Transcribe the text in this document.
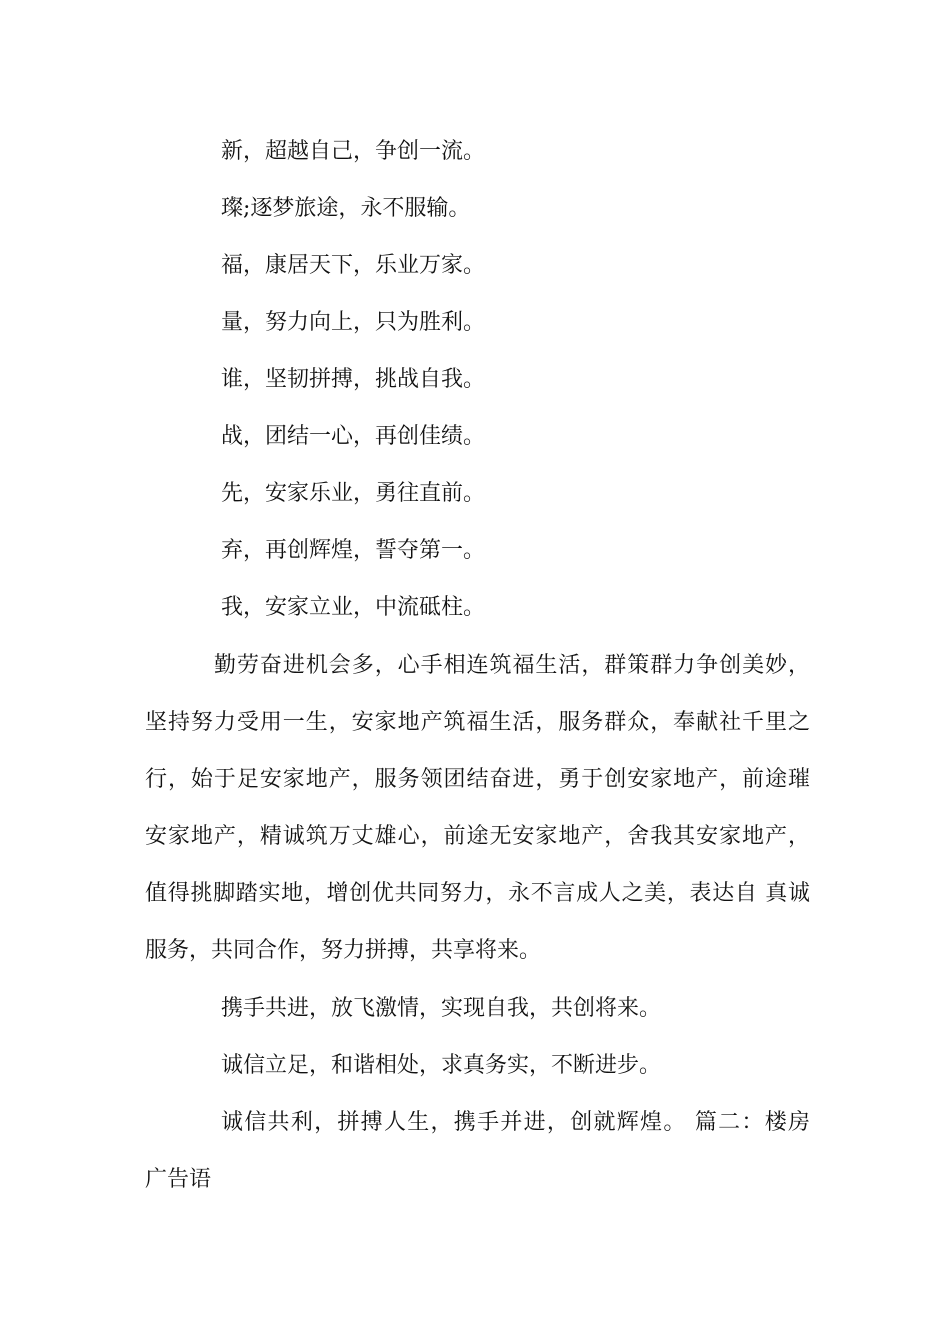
新，超越自己，争创一流。
璨;逐梦旅途，永不服输。
福，康居天下，乐业万家。
量，努力向上，只为胜利。
谁，坚韧拼搏，挑战自我。
战，团结一心，再创佳绩。
先，安家乐业，勇往直前。
弃，再创辉煌，誓夺第一。
我，安家立业，中流砥柱。
勤劳奋进机会多，心手相连筑福生活，群策群力争创美妙，
坚持努力受用一生，安家地产筑福生活，服务群众，奉献社千里之
行，始于足安家地产，服务领团结奋进，勇于创安家地产，前途璀
安家地产，精诚筑万丈雄心，前途无安家地产，舍我其安家地产，
值得挑脚踏实地，增创优共同努力，永不言成人之美，表达自 真诚
服务，共同合作，努力拼搏，共享将来。
携手共进，放飞激情，实现自我，共创将来。
诚信立足，和谐相处，求真务实，不断进步。
诚信共利，拼搏人生，携手并进，创就辉煌。 篇二：楼房
广告语
